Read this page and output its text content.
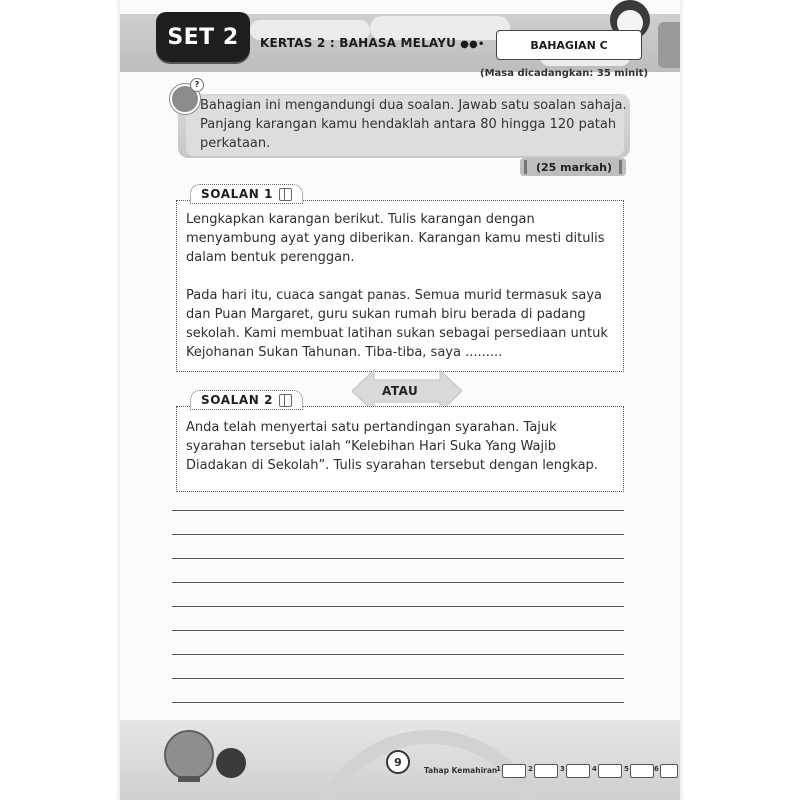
SET 2	KERTAS 2 : BAHASA MELAYU ●●•	BAHAGIAN C
(Masa dicadangkan: 35 minit)
?
Bahagian ini mengandungi dua soalan. Jawab satu soalan sahaja. Panjang karangan kamu hendaklah antara 80 hingga 120 patah perkataan.
(25 markah)
SOALAN 1
Lengkapkan karangan berikut. Tulis karangan dengan menyambung ayat yang diberikan. Karangan kamu mesti ditulis dalam bentuk perenggan.
Pada hari itu, cuaca sangat panas. Semua murid termasuk saya dan Puan Margaret, guru sukan rumah biru berada di padang sekolah. Kami membuat latihan sukan sebagai persediaan untuk Kejohanan Sukan Tahunan. Tiba-tiba, saya .........
ATAU
SOALAN 2
Anda telah menyertai satu pertandingan syarahan. Tajuk syarahan tersebut ialah “Kelebihan Hari Suka Yang Wajib Diadakan di Sekolah”. Tulis syarahan tersebut dengan lengkap.
9
Tahap Kemahiran
1	2	3	4	5	6
